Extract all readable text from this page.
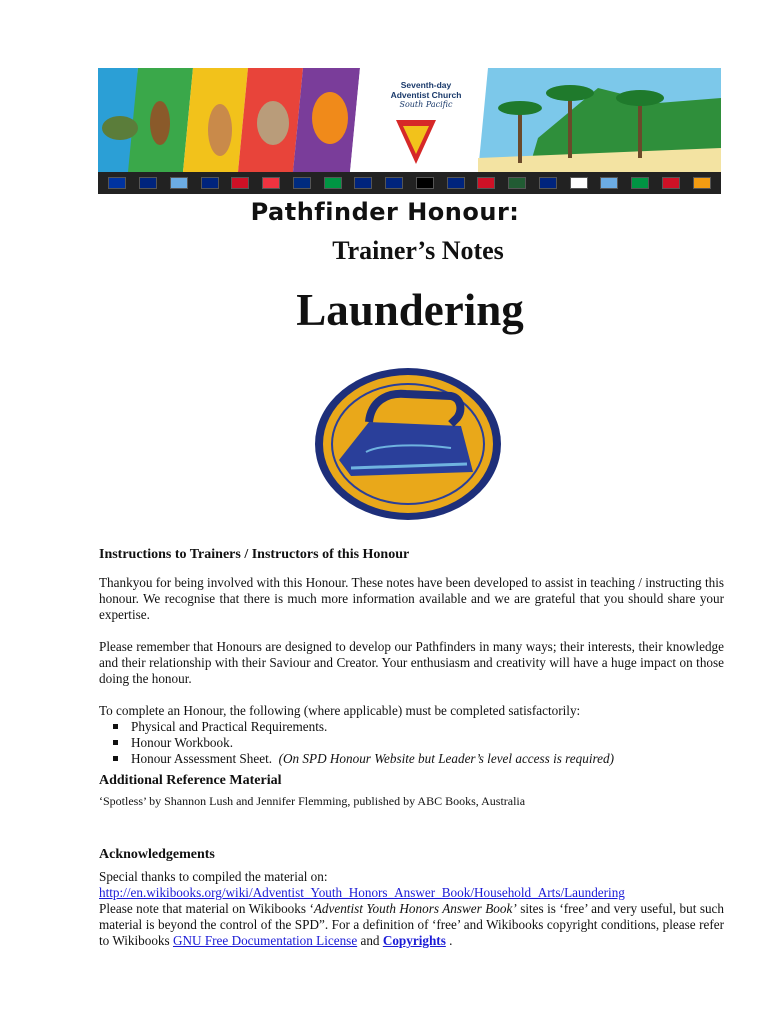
Seventh-day
Adventist Church
South Pacific
Pathfinder Honour:
Trainer’s Notes
Laundering
Instructions to Trainers / Instructors of this Honour

Thankyou for being involved with this Honour. These notes have been developed to assist in teaching / instructing this honour. We recognise that there is much more information available and we are grateful that you should share your expertise.

Please remember that Honours are designed to develop our Pathfinders in many ways; their interests, their knowledge and their relationship with their Saviour and Creator. Your enthusiasm and creativity will have a huge impact on those doing the honour.

To complete an Honour, the following (where applicable) must be completed satisfactorily:

Physical and Practical Requirements.
Honour Workbook.
Honour Assessment Sheet. (On SPD Honour Website but Leader’s level access is required)
Additional Reference Material

‘Spotless’ by Shannon Lush and Jennifer Flemming, published by ABC Books, Australia

Acknowledgements
Special thanks to compiled the material on:
http://en.wikibooks.org/wiki/Adventist_Youth_Honors_Answer_Book/Household_Arts/Laundering
Please note that material on Wikibooks ‘Adventist Youth Honors Answer Book’ sites is ‘free’ and very useful, but such material is beyond the control of the SPD”. For a definition of ‘free’ and Wikibooks copyright conditions, please refer to Wikibooks GNU Free Documentation License and Copyrights .
